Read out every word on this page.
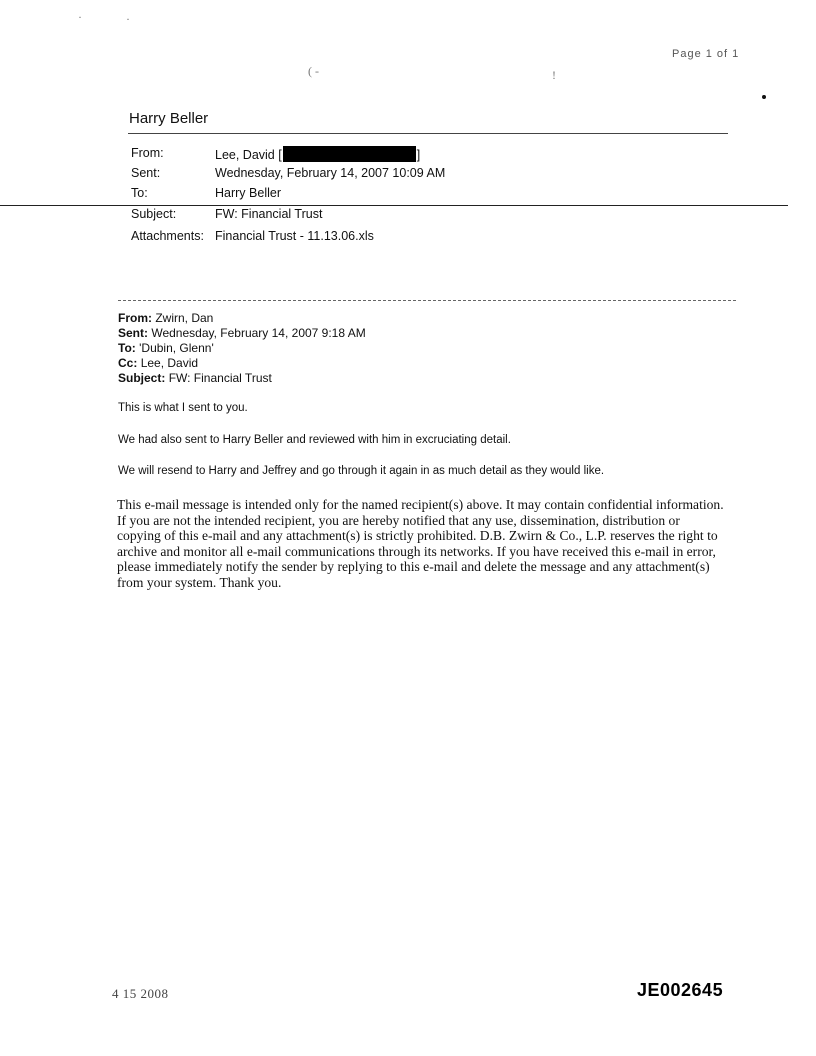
Page 1 of 1
·	·
( -	!
Harry Beller
From:	Lee, David [	]
Sent:	Wednesday, February 14, 2007 10:09 AM
To:	Harry Beller
Subject:	FW: Financial Trust
Attachments: Financial Trust - 11.13.06.xls
From: Zwirn, Dan
Sent: Wednesday, February 14, 2007 9:18 AM
To: 'Dubin, Glenn'
Cc: Lee, David
Subject: FW: Financial Trust
This is what I sent to you.
We had also sent to Harry Beller and reviewed with him in excruciating detail.
We will resend to Harry and Jeffrey and go through it again in as much detail as they would like.
This e-mail message is intended only for the named recipient(s) above. It may contain confidential information. If you are not the intended recipient, you are hereby notified that any use, dissemination, distribution or copying of this e-mail and any attachment(s) is strictly prohibited. D.B. Zwirn & Co., L.P. reserves the right to archive and monitor all e-mail communications through its networks. If you have received this e-mail in error, please immediately notify the sender by replying to this e-mail and delete the message and any attachment(s) from your system. Thank you.
4 15 2008	JE002645
